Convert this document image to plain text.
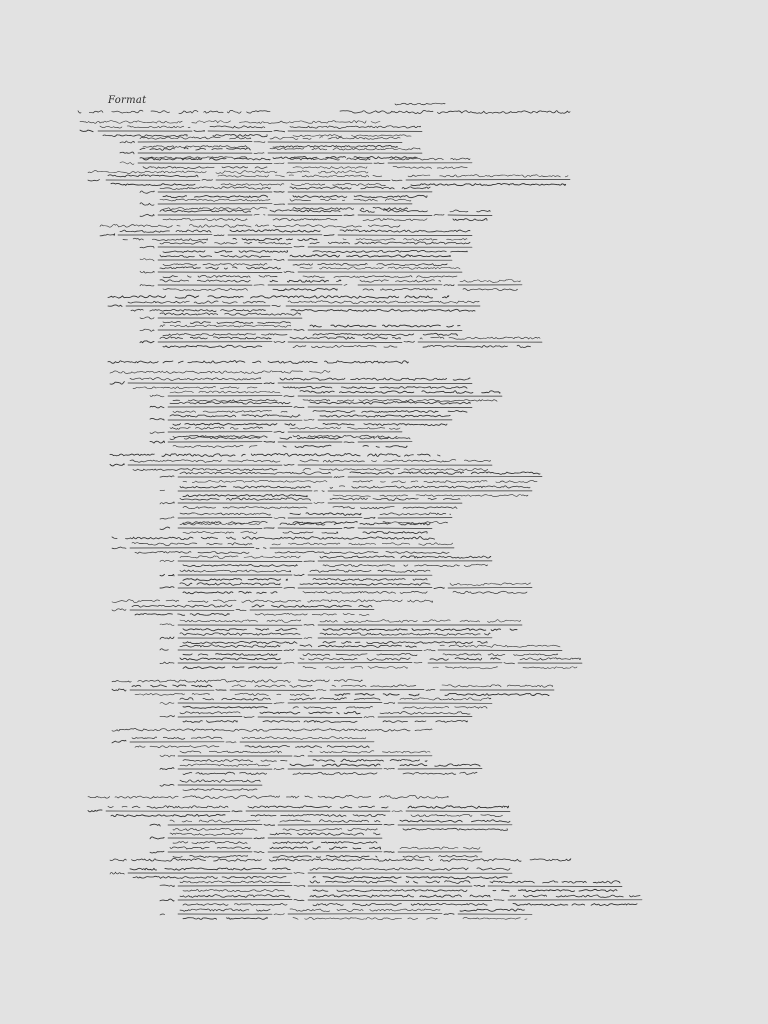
Format
